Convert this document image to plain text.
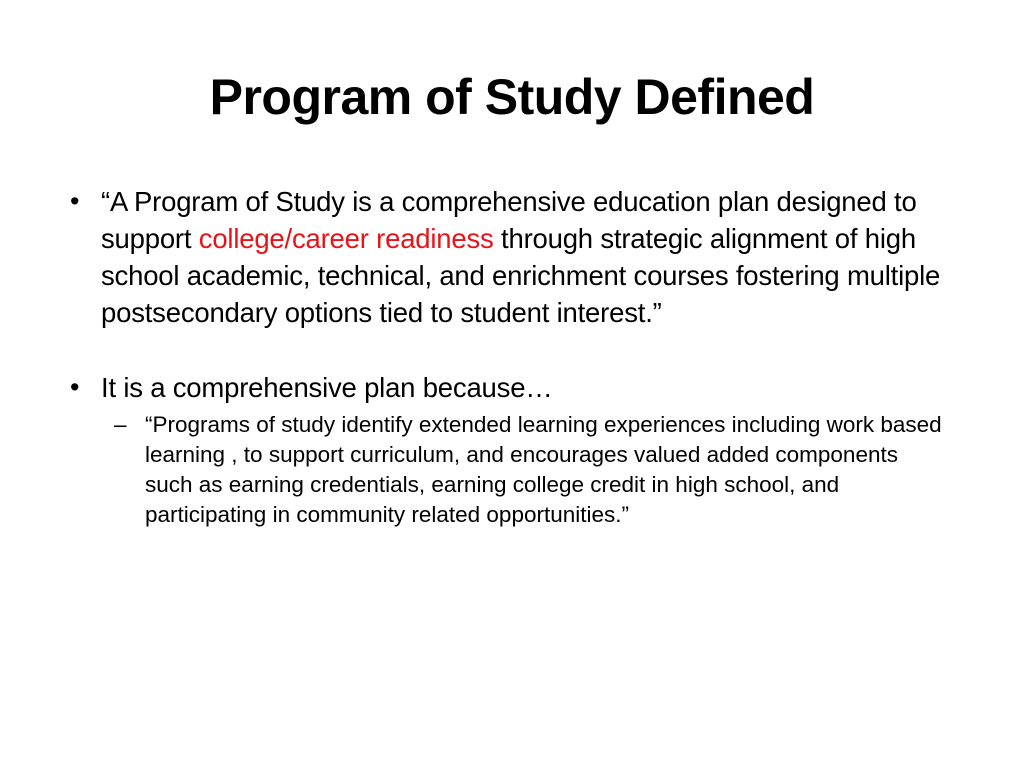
Program of Study Defined
• “A Program of Study is a comprehensive education plan designed to support college/career readiness through strategic alignment of high school academic, technical, and enrichment courses fostering multiple postsecondary options tied to student interest.”
• It is a comprehensive plan because…
– “Programs of study identify extended learning experiences including work based learning , to support curriculum, and encourages valued added components such as earning credentials, earning college credit in high school, and participating in community related opportunities.”
